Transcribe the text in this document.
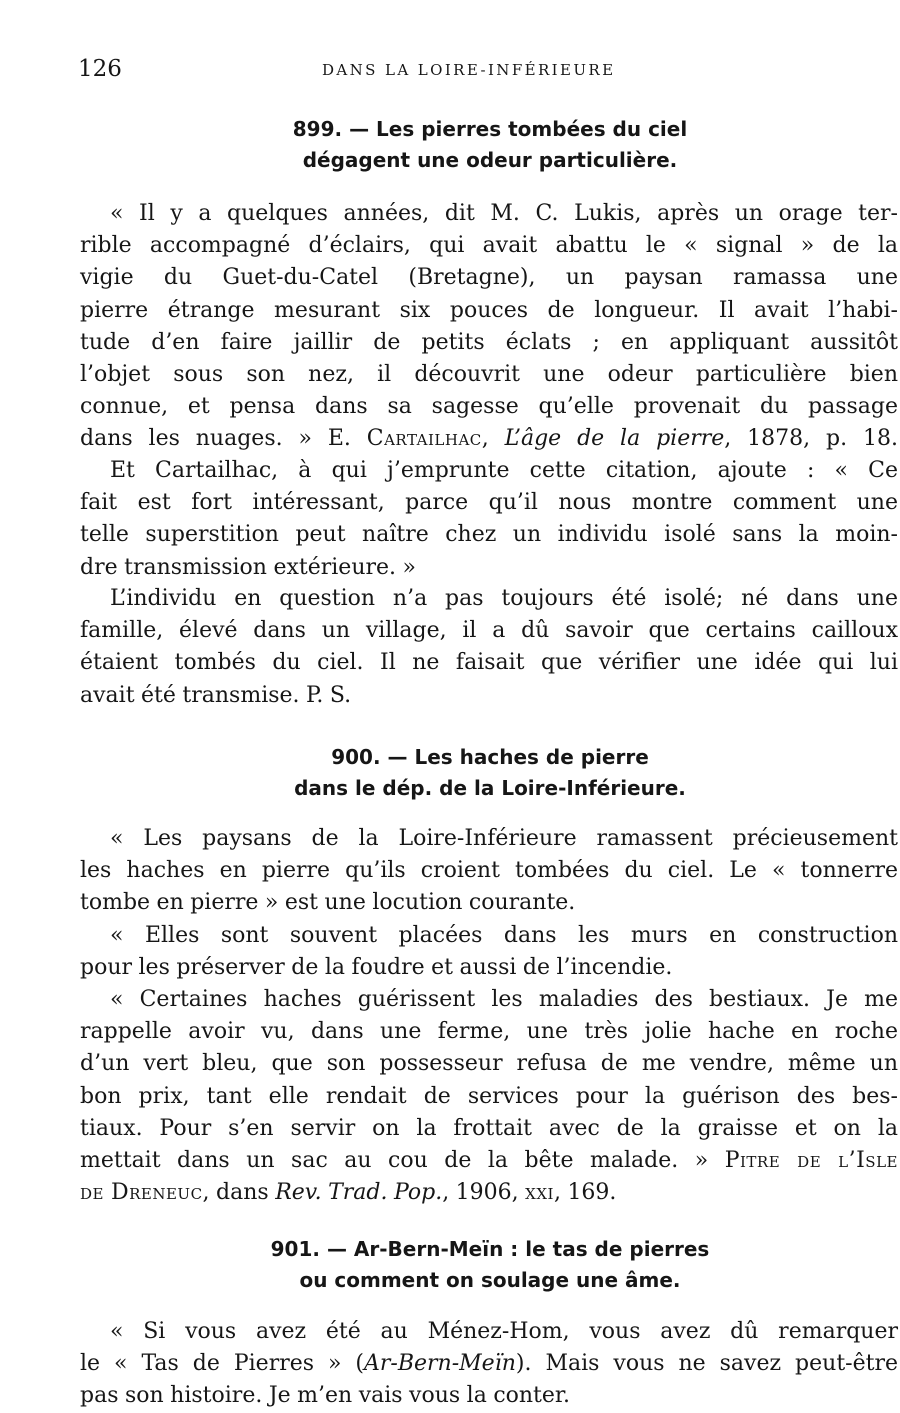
126	DANS LA LOIRE-INFÉRIEURE
899. — Les pierres tombées du ciel
dégagent une odeur particulière.
« Il y a quelques années, dit M. C. Lukis, après un orage ter-
rible accompagné d’éclairs, qui avait abattu le « signal » de la
vigie du Guet-du-Catel (Bretagne), un paysan ramassa une
pierre étrange mesurant six pouces de longueur. Il avait l’habi-
tude d’en faire jaillir de petits éclats ; en appliquant aussitôt
l’objet sous son nez, il découvrit une odeur particulière bien
connue, et pensa dans sa sagesse qu’elle provenait du passage
dans les nuages. » E. Cartailhac, L’âge de la pierre, 1878, p. 18.
Et Cartailhac, à qui j’emprunte cette citation, ajoute : « Ce
fait est fort intéressant, parce qu’il nous montre comment une
telle superstition peut naître chez un individu isolé sans la moin-
dre transmission extérieure. »
L’individu en question n’a pas toujours été isolé; né dans une
famille, élevé dans un village, il a dû savoir que certains cailloux
étaient tombés du ciel. Il ne faisait que vérifier une idée qui lui
avait été transmise. P. S.
900. — Les haches de pierre
dans le dép. de la Loire-Inférieure.
« Les paysans de la Loire-Inférieure ramassent précieusement
les haches en pierre qu’ils croient tombées du ciel. Le « tonnerre
tombe en pierre » est une locution courante.
« Elles sont souvent placées dans les murs en construction
pour les préserver de la foudre et aussi de l’incendie.
« Certaines haches guérissent les maladies des bestiaux. Je me
rappelle avoir vu, dans une ferme, une très jolie hache en roche
d’un vert bleu, que son possesseur refusa de me vendre, même un
bon prix, tant elle rendait de services pour la guérison des bes-
tiaux. Pour s’en servir on la frottait avec de la graisse et on la
mettait dans un sac au cou de la bête malade. » Pitre de l’Isle
de Dreneuc, dans Rev. Trad. Pop., 1906, xxi, 169.
901. — Ar-Bern-Meïn : le tas de pierres
ou comment on soulage une âme.
« Si vous avez été au Ménez-Hom, vous avez dû remarquer
le « Tas de Pierres » (Ar-Bern-Meïn). Mais vous ne savez peut-être
pas son histoire. Je m’en vais vous la conter.
